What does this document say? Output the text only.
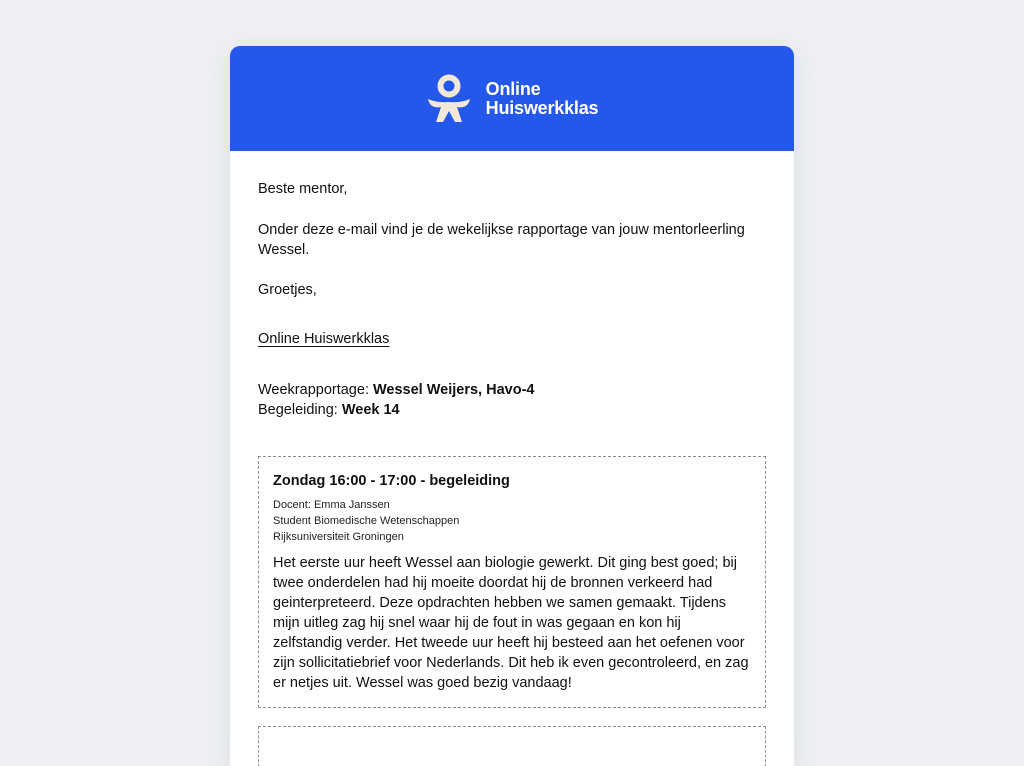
Online
Huiswerkklas

Beste mentor,

Onder deze e-mail vind je de wekelijkse rapportage van jouw mentorleerling Wessel.

Groetjes,

Online Huiswerkklas
Weekrapportage: Wessel Weijers, Havo-4
Begeleiding: Week 14
Zondag 16:00 - 17:00 - begeleiding
Docent: Emma Janssen
Student Biomedische Wetenschappen
Rijksuniversiteit Groningen
Het eerste uur heeft Wessel aan biologie gewerkt. Dit ging best goed; bij twee onderdelen had hij moeite doordat hij de bronnen verkeerd had geinterpreteerd. Deze opdrachten hebben we samen gemaakt. Tijdens mijn uitleg zag hij snel waar hij de fout in was gegaan en kon hij zelfstandig verder. Het tweede uur heeft hij besteed aan het oefenen voor zijn sollicitatiebrief voor Nederlands. Dit heb ik even gecontroleerd, en zag er netjes uit. Wessel was goed bezig vandaag!
